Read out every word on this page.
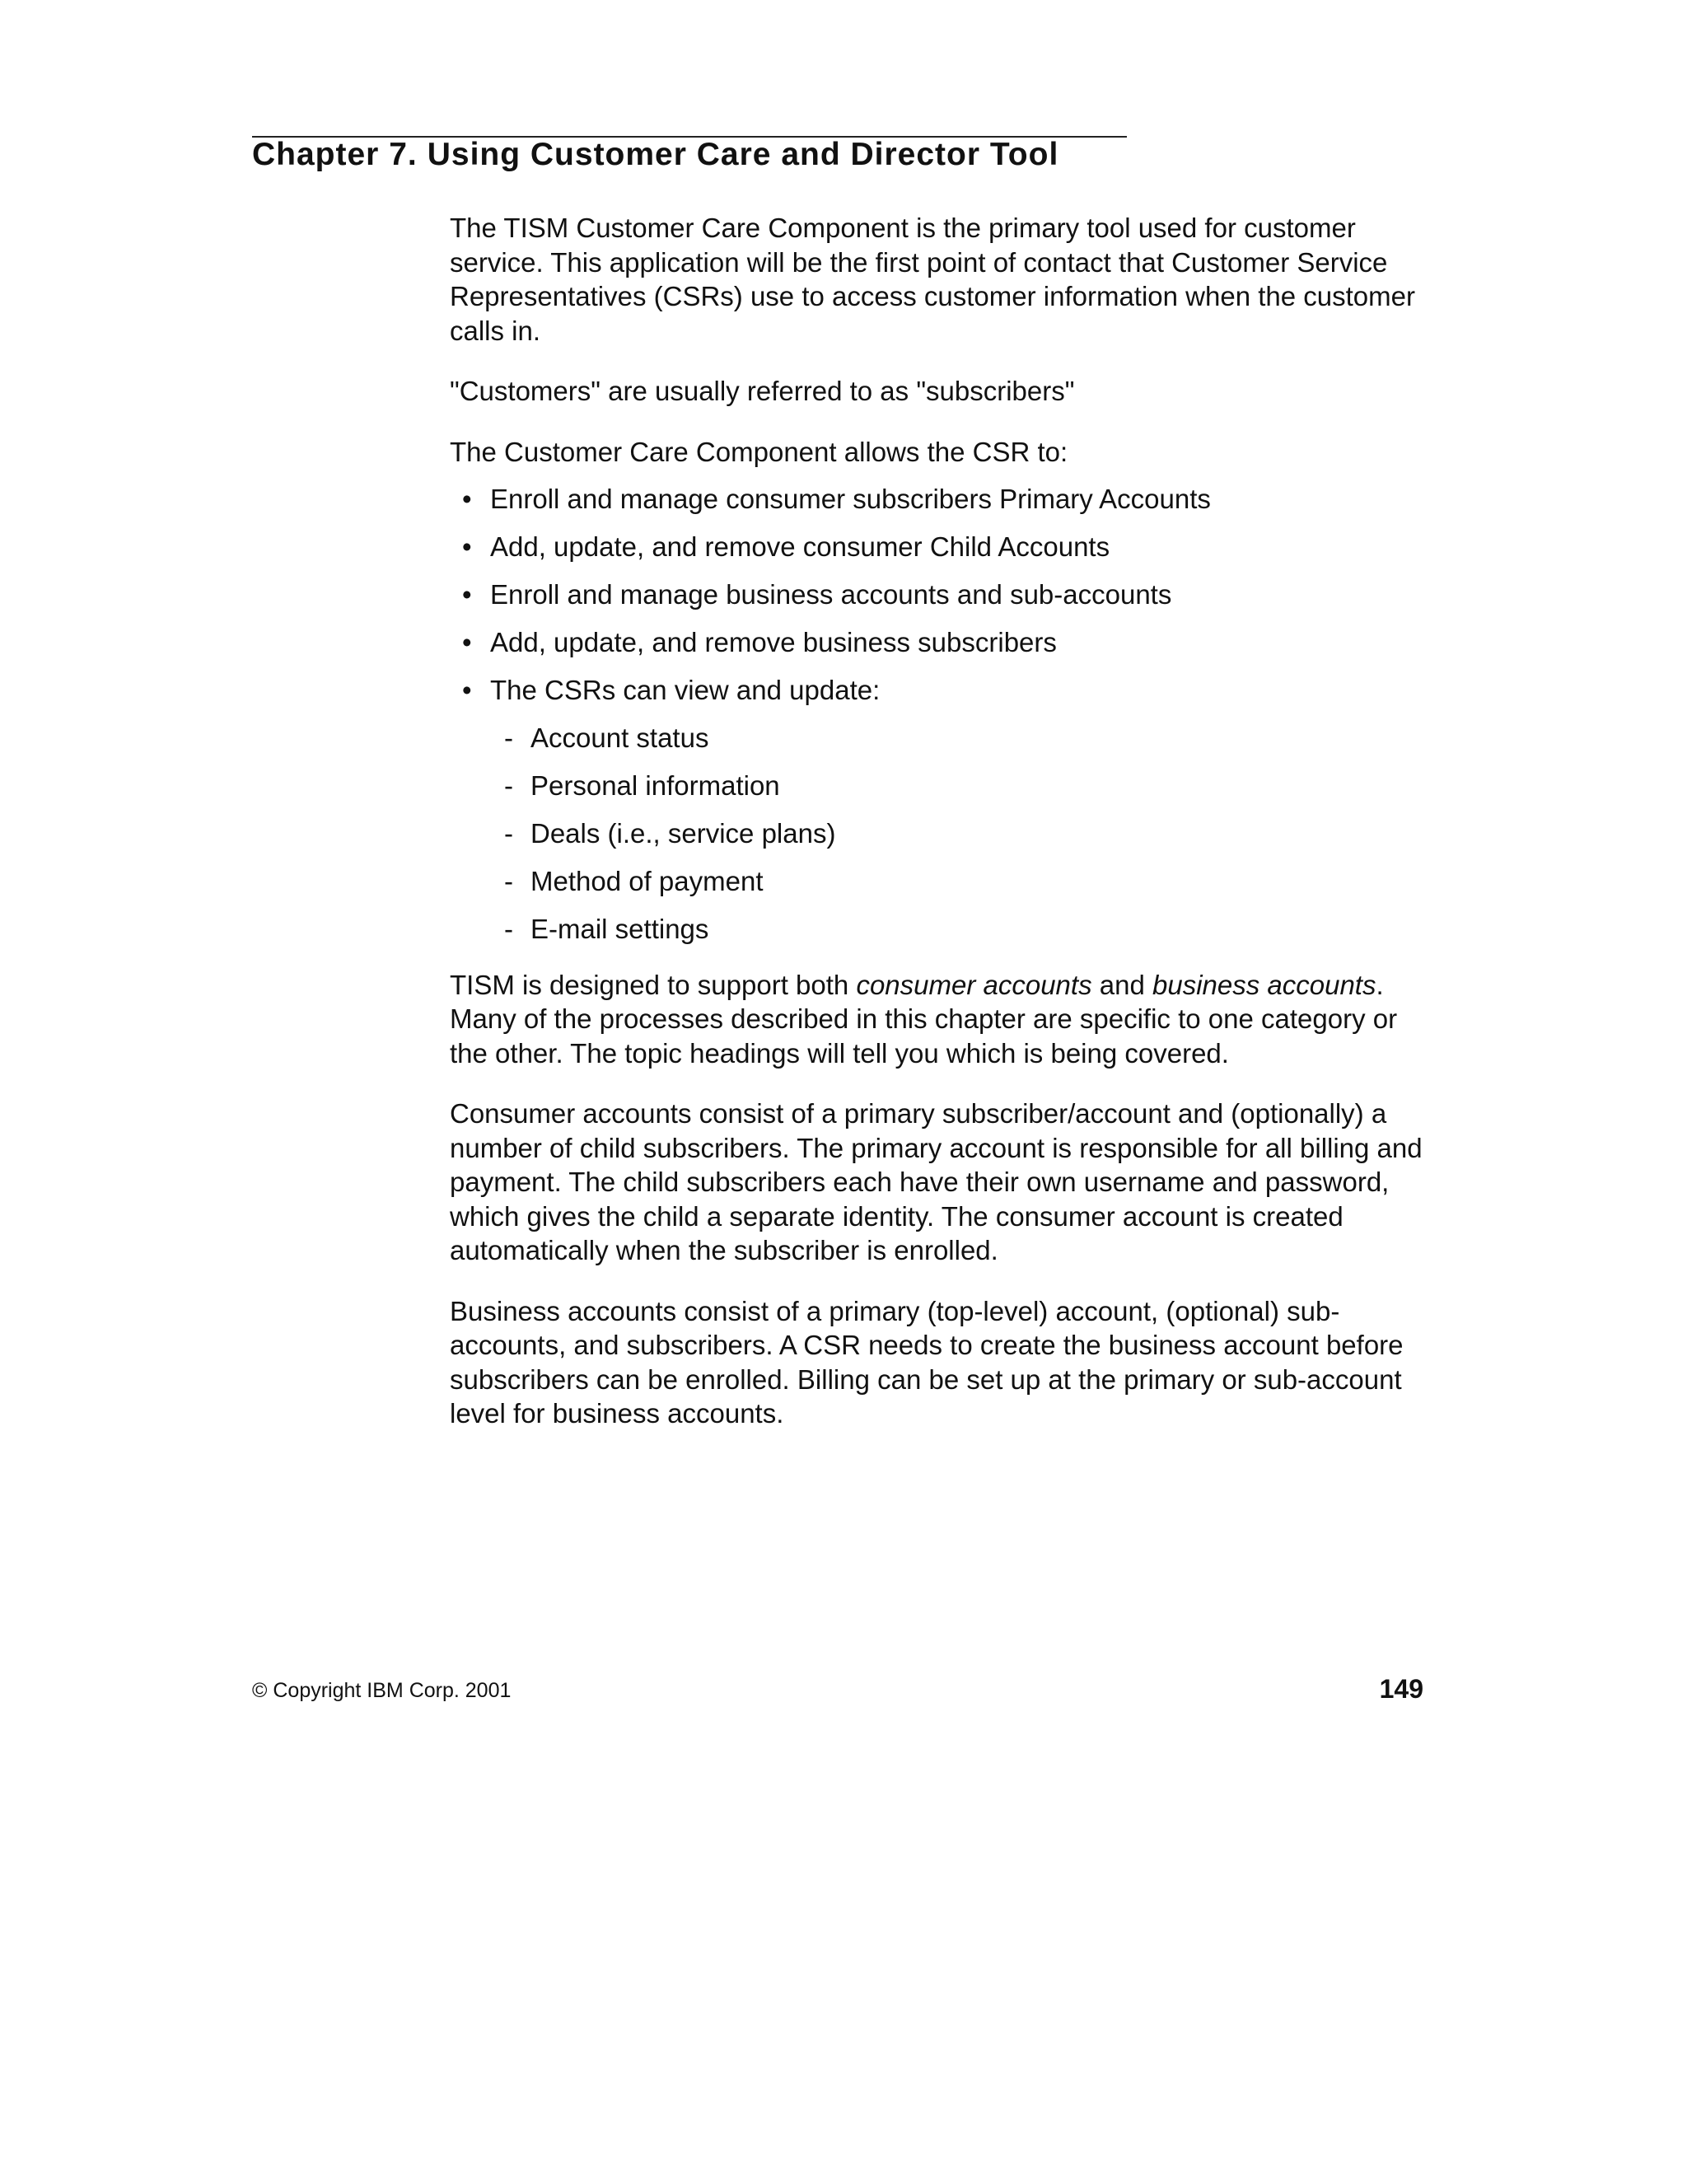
Chapter 7. Using Customer Care and Director Tool

The TISM Customer Care Component is the primary tool used for customer service. This application will be the first point of contact that Customer Service Representatives (CSRs) use to access customer information when the customer calls in.

"Customers" are usually referred to as "subscribers"

The Customer Care Component allows the CSR to:

• Enroll and manage consumer subscribers Primary Accounts
• Add, update, and remove consumer Child Accounts
• Enroll and manage business accounts and sub-accounts
• Add, update, and remove business subscribers
• The CSRs can view and update:
- Account status
- Personal information
- Deals (i.e., service plans)
- Method of payment
- E-mail settings

TISM is designed to support both consumer accounts and business accounts. Many of the processes described in this chapter are specific to one category or the other. The topic headings will tell you which is being covered.

Consumer accounts consist of a primary subscriber/account and (optionally) a number of child subscribers. The primary account is responsible for all billing and payment. The child subscribers each have their own username and password, which gives the child a separate identity. The consumer account is created automatically when the subscriber is enrolled.

Business accounts consist of a primary (top-level) account, (optional) sub-accounts, and subscribers. A CSR needs to create the business account before subscribers can be enrolled. Billing can be set up at the primary or sub-account level for business accounts.

© Copyright IBM Corp. 2001	149
